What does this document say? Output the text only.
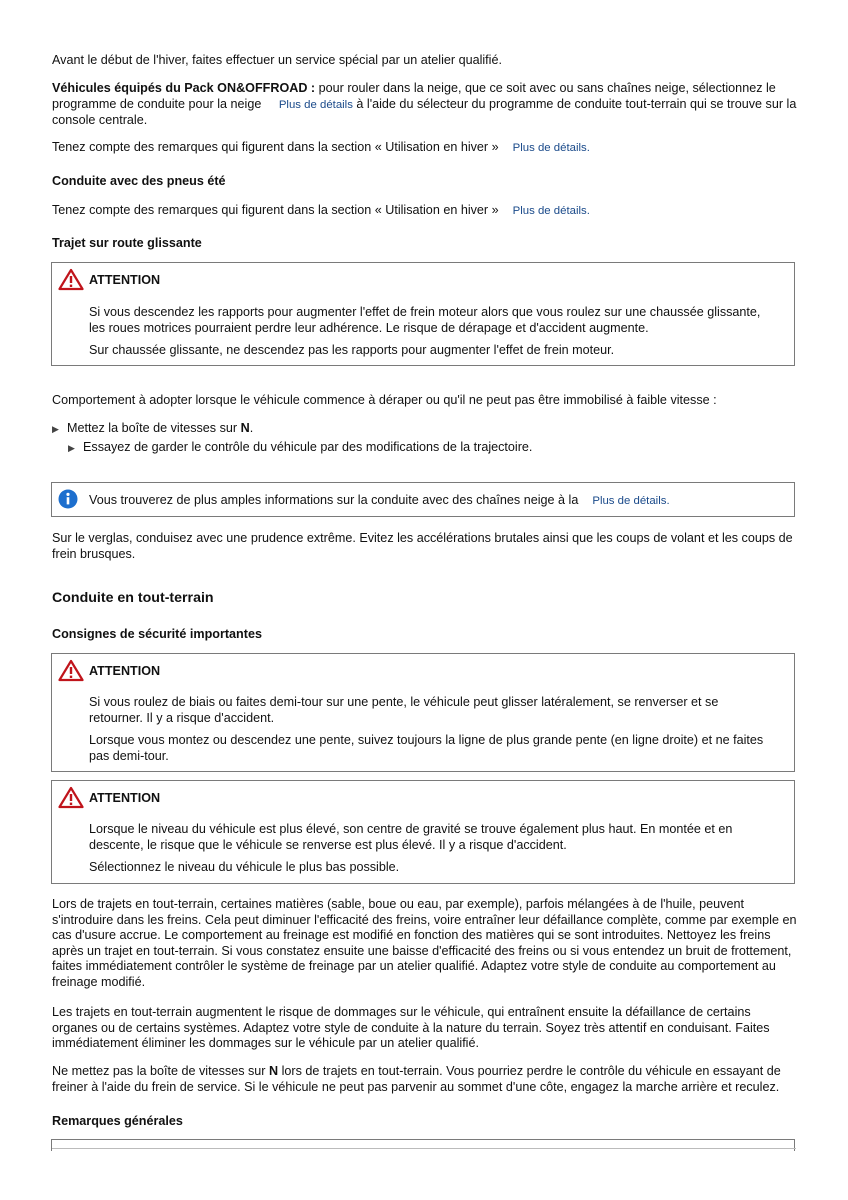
Avant le début de l'hiver, faites effectuer un service spécial par un atelier qualifié.

Véhicules équipés du Pack ON&OFFROAD : pour rouler dans la neige, que ce soit avec ou sans chaînes neige, sélectionnez le programme de conduite pour la neige Plus de détails à l'aide du sélecteur du programme de conduite tout-terrain qui se trouve sur la console centrale.

Tenez compte des remarques qui figurent dans la section « Utilisation en hiver » Plus de détails.

Conduite avec des pneus été

Tenez compte des remarques qui figurent dans la section « Utilisation en hiver » Plus de détails.

Trajet sur route glissante

ATTENTION

Si vous descendez les rapports pour augmenter l'effet de frein moteur alors que vous roulez sur une chaussée glissante, les roues motrices pourraient perdre leur adhérence. Le risque de dérapage et d'accident augmente.

Sur chaussée glissante, ne descendez pas les rapports pour augmenter l'effet de frein moteur.

Comportement à adopter lorsque le véhicule commence à déraper ou qu'il ne peut pas être immobilisé à faible vitesse :

▶ Mettez la boîte de vitesses sur N.

▶ Essayez de garder le contrôle du véhicule par des modifications de la trajectoire.

Vous trouverez de plus amples informations sur la conduite avec des chaînes neige à la Plus de détails.

Sur le verglas, conduisez avec une prudence extrême. Evitez les accélérations brutales ainsi que les coups de volant et les coups de frein brusques.

Conduite en tout-terrain

Consignes de sécurité importantes

ATTENTION

Si vous roulez de biais ou faites demi-tour sur une pente, le véhicule peut glisser latéralement, se renverser et se retourner. Il y a risque d'accident.

Lorsque vous montez ou descendez une pente, suivez toujours la ligne de plus grande pente (en ligne droite) et ne faites pas demi-tour.

ATTENTION

Lorsque le niveau du véhicule est plus élevé, son centre de gravité se trouve également plus haut. En montée et en descente, le risque que le véhicule se renverse est plus élevé. Il y a risque d'accident.

Sélectionnez le niveau du véhicule le plus bas possible.

Lors de trajets en tout-terrain, certaines matières (sable, boue ou eau, par exemple), parfois mélangées à de l'huile, peuvent s'introduire dans les freins. Cela peut diminuer l'efficacité des freins, voire entraîner leur défaillance complète, comme par exemple en cas d'usure accrue. Le comportement au freinage est modifié en fonction des matières qui se sont introduites. Nettoyez les freins après un trajet en tout-terrain. Si vous constatez ensuite une baisse d'efficacité des freins ou si vous entendez un bruit de frottement, faites immédiatement contrôler le système de freinage par un atelier qualifié. Adaptez votre style de conduite au comportement au freinage modifié.

Les trajets en tout-terrain augmentent le risque de dommages sur le véhicule, qui entraînent ensuite la défaillance de certains organes ou de certains systèmes. Adaptez votre style de conduite à la nature du terrain. Soyez très attentif en conduisant. Faites immédiatement éliminer les dommages sur le véhicule par un atelier qualifié.

Ne mettez pas la boîte de vitesses sur N lors de trajets en tout-terrain. Vous pourriez perdre le contrôle du véhicule en essayant de freiner à l'aide du frein de service. Si le véhicule ne peut pas parvenir au sommet d'une côte, engagez la marche arrière et reculez.

Remarques générales
